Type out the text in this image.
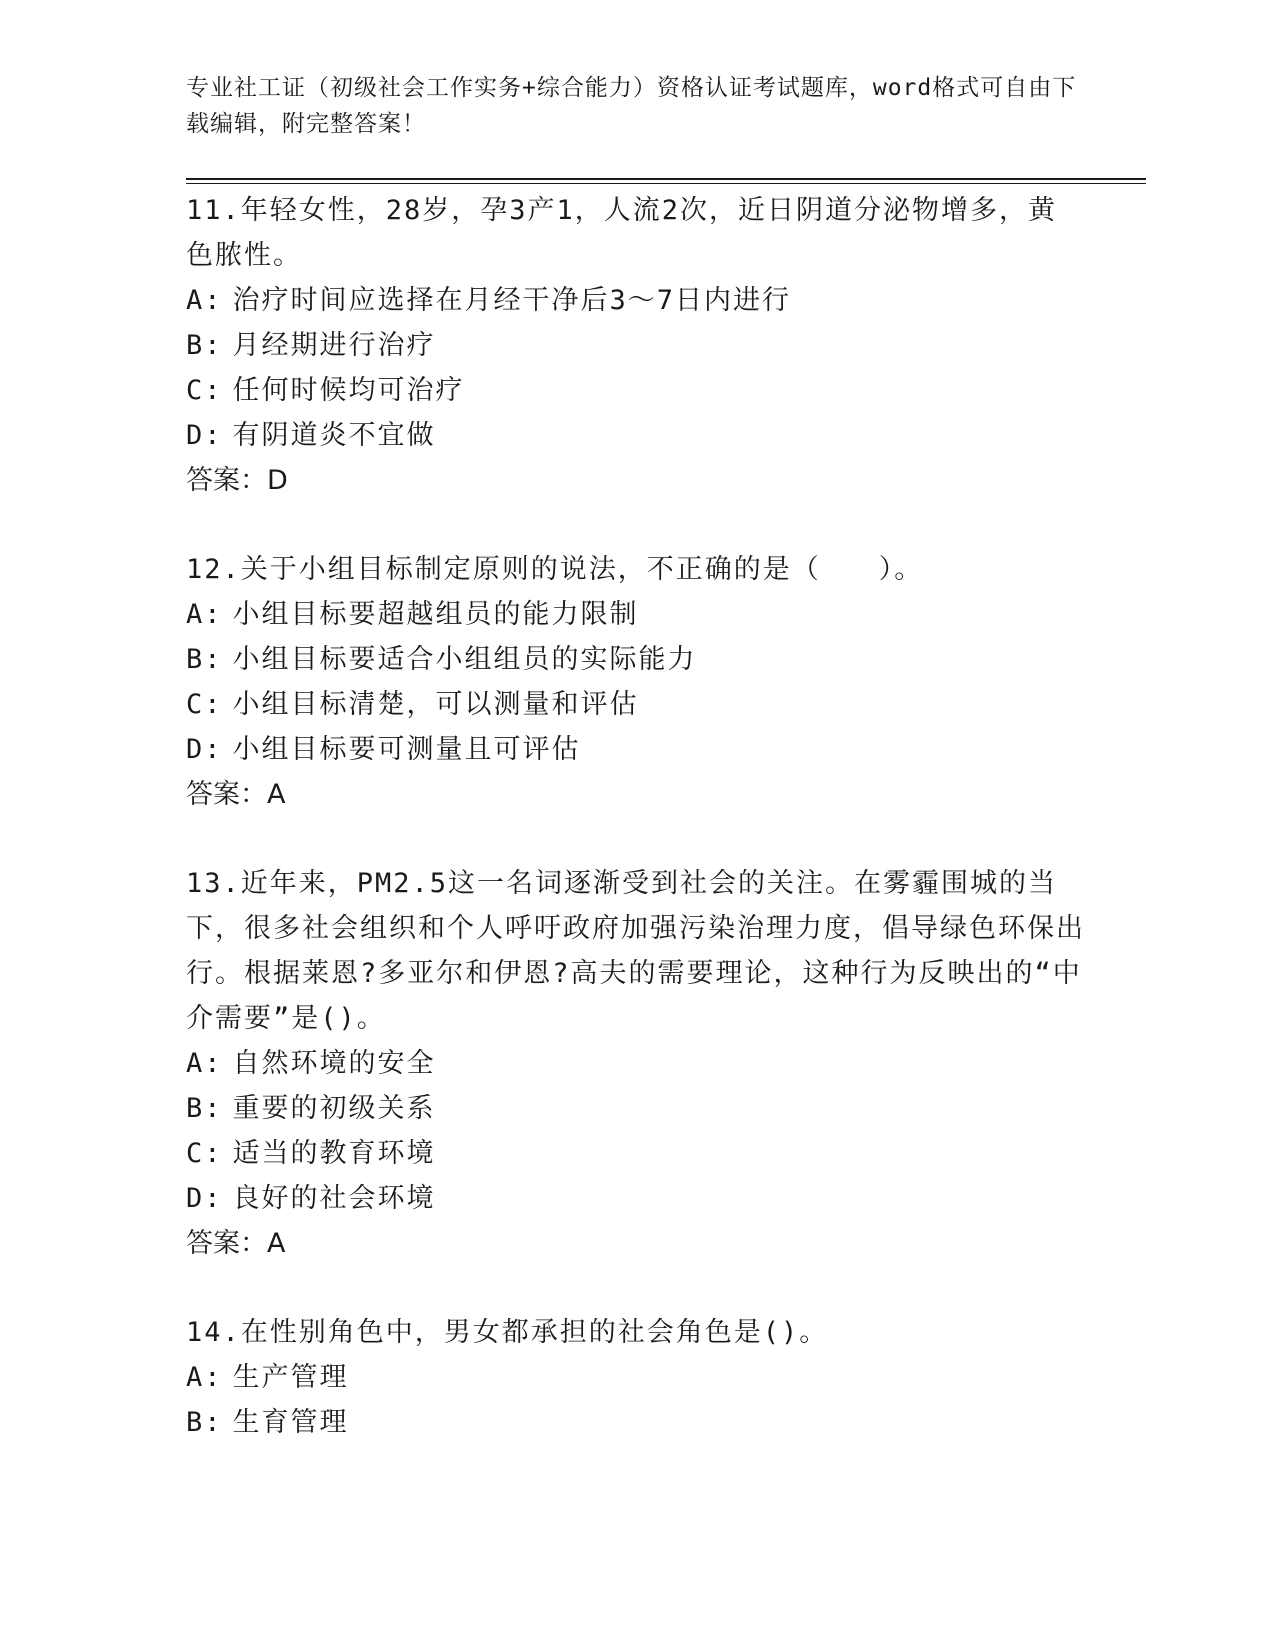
专业社工证（初级社会工作实务+综合能力）资格认证考试题库，word格式可自由下载编辑，附完整答案！

11.年轻女性，28岁，孕3产1，人流2次，近日阴道分泌物增多，黄色脓性。

A: 治疗时间应选择在月经干净后3～7日内进行

B: 月经期进行治疗

C: 任何时候均可治疗

D: 有阴道炎不宜做

答案：D

12.关于小组目标制定原则的说法，不正确的是（　　）。

A: 小组目标要超越组员的能力限制

B: 小组目标要适合小组组员的实际能力

C: 小组目标清楚，可以测量和评估

D: 小组目标要可测量且可评估

答案：A

13.近年来，PM2.5这一名词逐渐受到社会的关注。在雾霾围城的当下，很多社会组织和个人呼吁政府加强污染治理力度，倡导绿色环保出行。根据莱恩?多亚尔和伊恩?高夫的需要理论，这种行为反映出的“中介需要”是()。

A: 自然环境的安全

B: 重要的初级关系

C: 适当的教育环境

D: 良好的社会环境

答案：A

14.在性别角色中，男女都承担的社会角色是()。

A: 生产管理

B: 生育管理
